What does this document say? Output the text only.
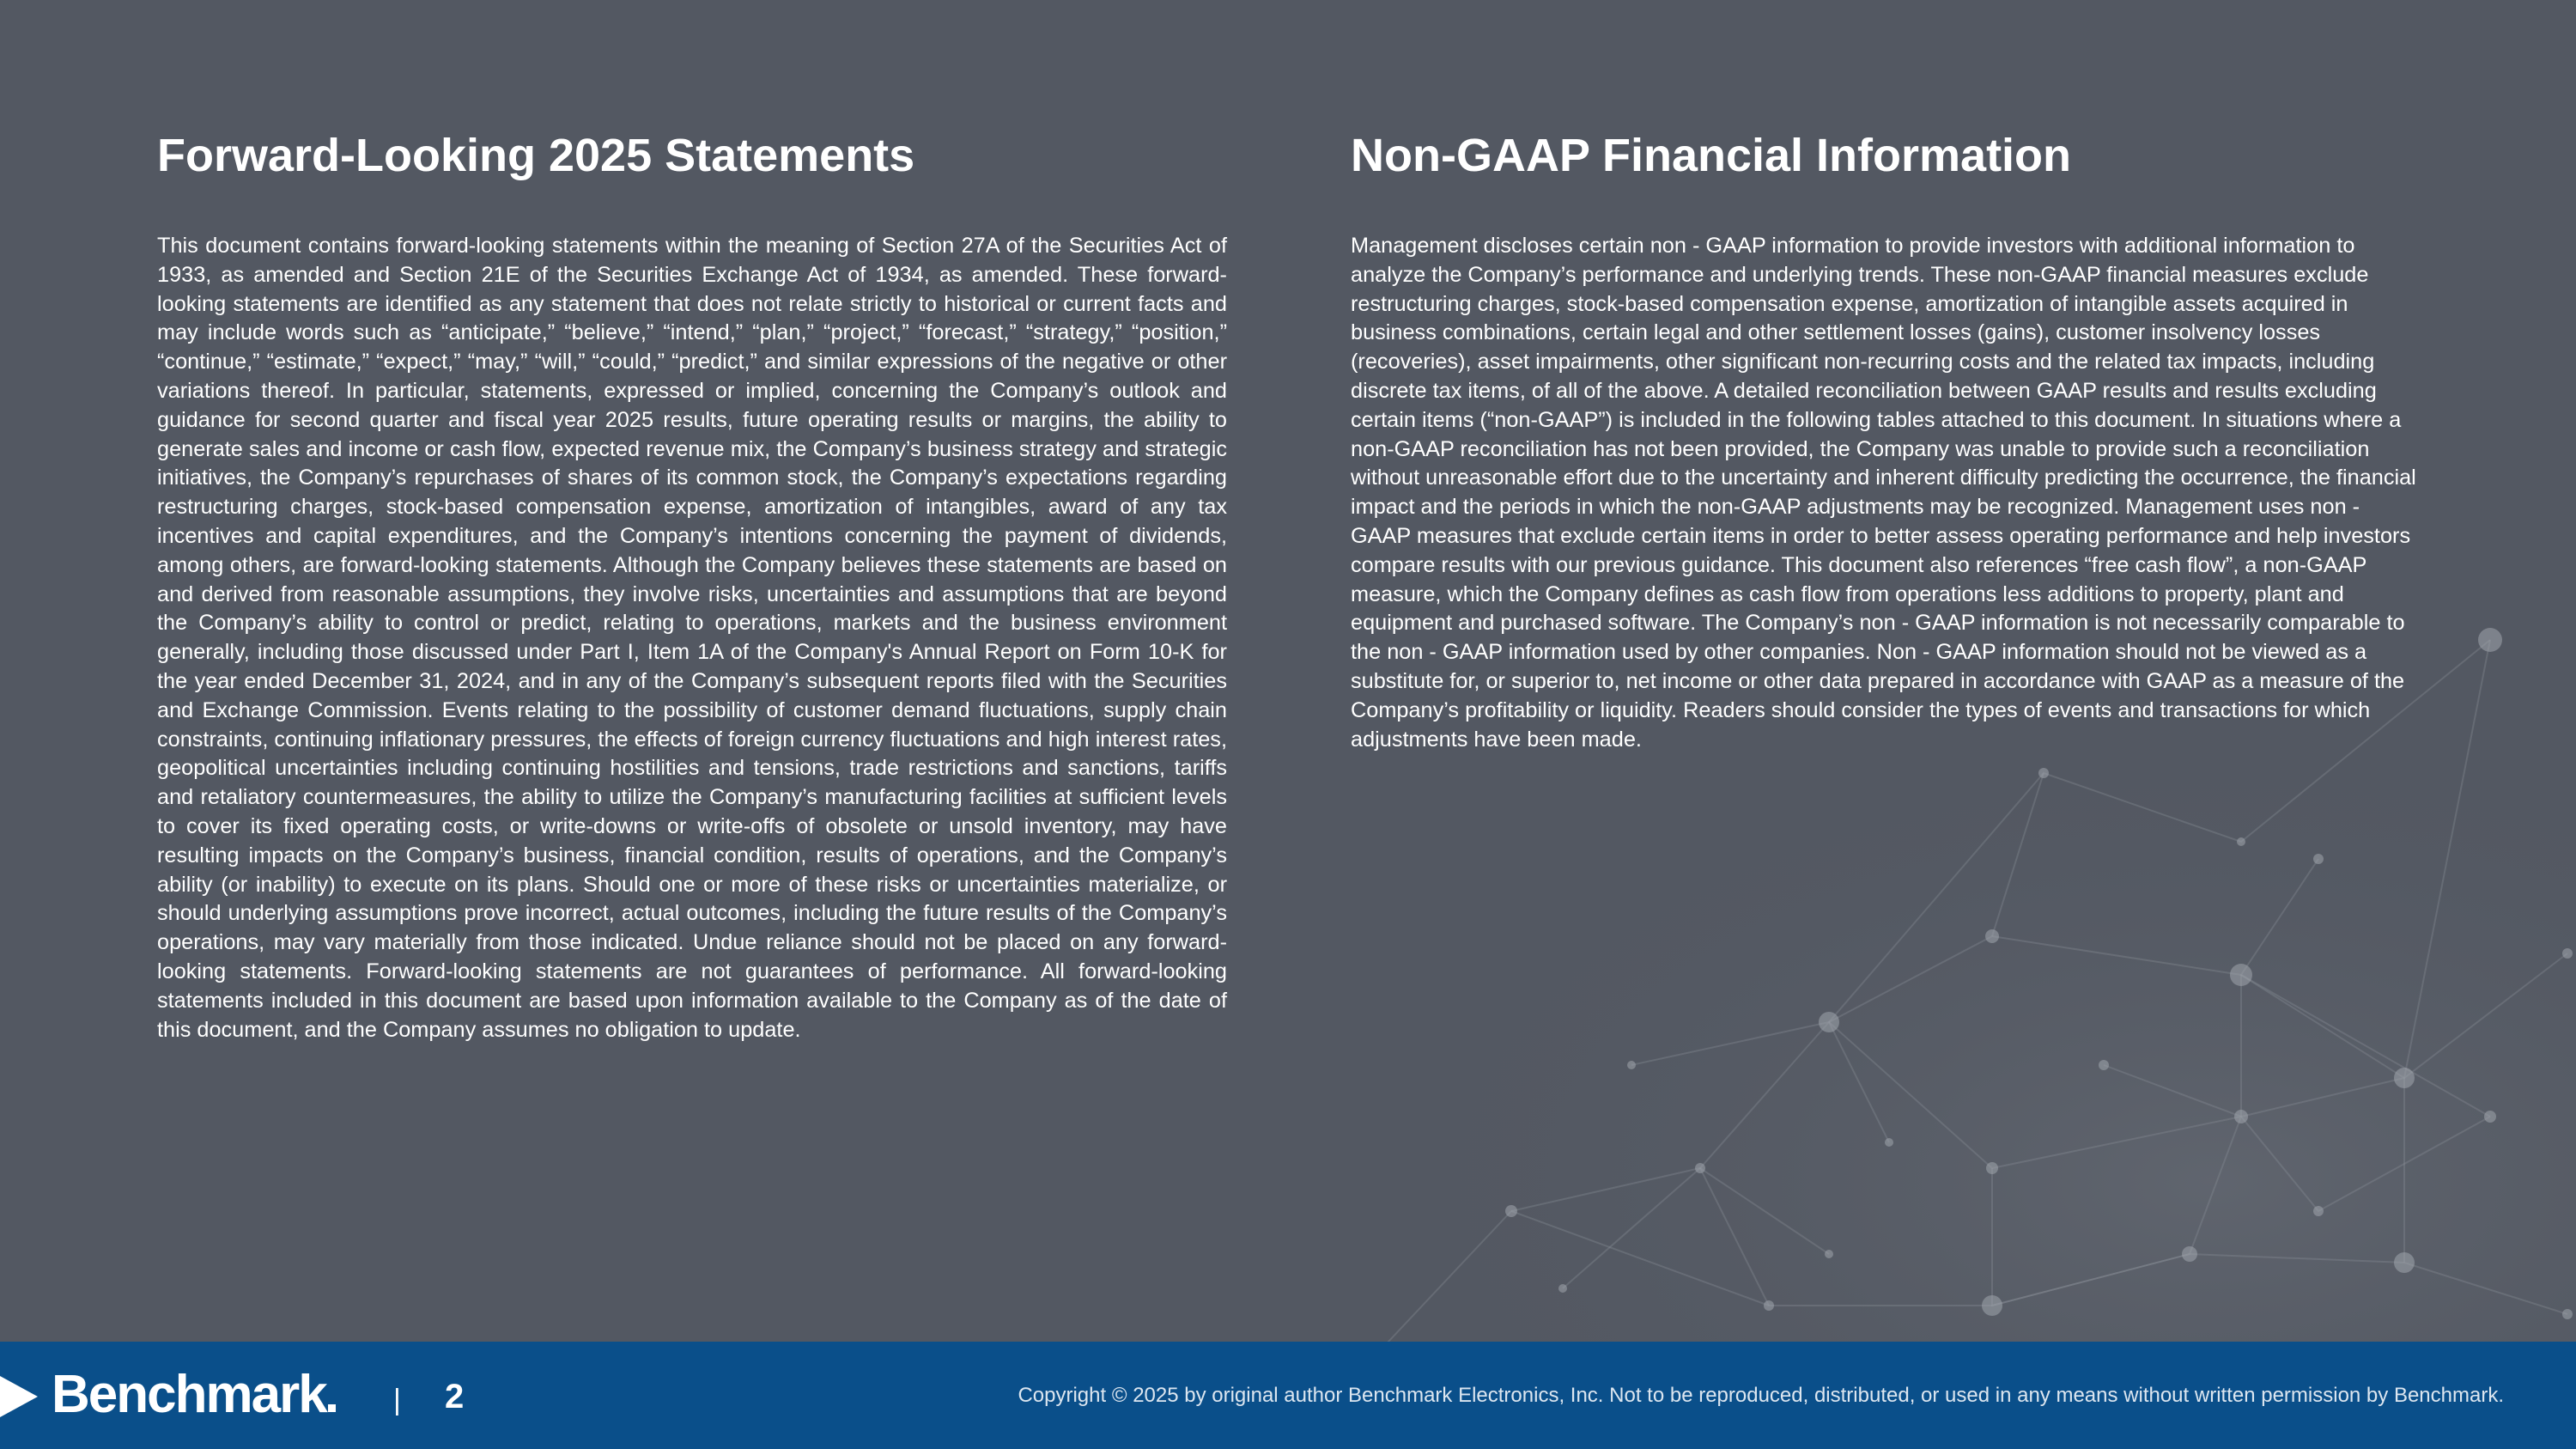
Forward-Looking 2025 Statements

This document contains forward-looking statements within the meaning of Section 27A of the Securities Act of 1933, as amended and Section 21E of the Securities Exchange Act of 1934, as amended. These forward-looking statements are identified as any statement that does not relate strictly to historical or current facts and may include words such as “anticipate,” “believe,” “intend,” “plan,” “project,” “forecast,” “strategy,” “position,” “continue,” “estimate,” “expect,” “may,” “will,” “could,” “predict,” and similar expressions of the negative or other variations thereof. In particular, statements, expressed or implied, concerning the Company’s outlook and guidance for second quarter and fiscal year 2025 results, future operating results or margins, the ability to generate sales and income or cash flow, expected revenue mix, the Company’s business strategy and strategic initiatives, the Company’s repurchases of shares of its common stock, the Company’s expectations regarding restructuring charges, stock-based compensation expense, amortization of intangibles, award of any tax incentives and capital expenditures, and the Company’s intentions concerning the payment of dividends, among others, are forward-looking statements. Although the Company believes these statements are based on and derived from reasonable assumptions, they involve risks, uncertainties and assumptions that are beyond the Company’s ability to control or predict, relating to operations, markets and the business environment generally, including those discussed under Part I, Item 1A of the Company's Annual Report on Form 10-K for the year ended December 31, 2024, and in any of the Company’s subsequent reports filed with the Securities and Exchange Commission. Events relating to the possibility of customer demand fluctuations, supply chain constraints, continuing inflationary pressures, the effects of foreign currency fluctuations and high interest rates, geopolitical uncertainties including continuing hostilities and tensions, trade restrictions and sanctions, tariffs and retaliatory countermeasures, the ability to utilize the Company’s manufacturing facilities at sufficient levels to cover its fixed operating costs, or write-downs or write-offs of obsolete or unsold inventory, may have resulting impacts on the Company’s business, financial condition, results of operations, and the Company’s ability (or inability) to execute on its plans. Should one or more of these risks or uncertainties materialize, or should underlying assumptions prove incorrect, actual outcomes, including the future results of the Company’s operations, may vary materially from those indicated. Undue reliance should not be placed on any forward-looking statements. Forward-looking statements are not guarantees of performance. All forward-looking statements included in this document are based upon information available to the Company as of the date of this document, and the Company assumes no obligation to update.

Non-GAAP Financial Information

Management discloses certain non - GAAP information to provide investors with additional information to analyze the Company’s performance and underlying trends. These non-GAAP financial measures exclude restructuring charges, stock-based compensation expense, amortization of intangible assets acquired in business combinations, certain legal and other settlement losses (gains), customer insolvency losses (recoveries), asset impairments, other significant non-recurring costs and the related tax impacts, including discrete tax items, of all of the above. A detailed reconciliation between GAAP results and results excluding certain items (“non-GAAP”) is included in the following tables attached to this document. In situations where a non-GAAP reconciliation has not been provided, the Company was unable to provide such a reconciliation without unreasonable effort due to the uncertainty and inherent difficulty predicting the occurrence, the financial impact and the periods in which the non-GAAP adjustments may be recognized. Management uses non - GAAP measures that exclude certain items in order to better assess operating performance and help investors compare results with our previous guidance. This document also references “free cash flow”, a non-GAAP measure, which the Company defines as cash flow from operations less additions to property, plant and equipment and purchased software. The Company’s non - GAAP information is not necessarily comparable to the non - GAAP information used by other companies. Non - GAAP information should not be viewed as a substitute for, or superior to, net income or other data prepared in accordance with GAAP as a measure of the Company’s profitability or liquidity. Readers should consider the types of events and transactions for which adjustments have been made.

Benchmark	| 2	Copyright © 2025 by original author Benchmark Electronics, Inc. Not to be reproduced, distributed, or used in any means without written permission by Benchmark.
